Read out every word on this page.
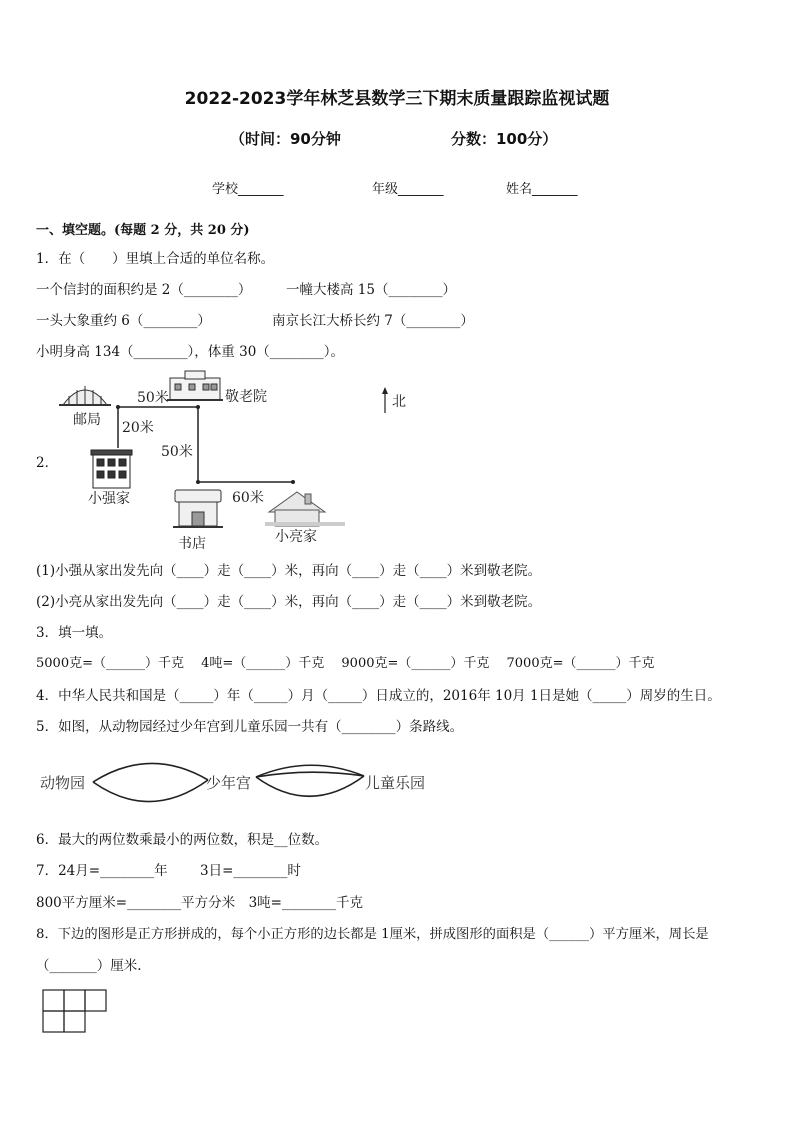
2022-2023学年林芝县数学三下期末质量跟踪监视试题
（时间：90分钟	分数：100分）
学校_______	年级_______	姓名_______
一、填空题。(每题 2 分，共 20 分)
1．在（　　）里填上合适的单位名称。
一个信封的面积约是 2（________）	一幢大楼高 15（________）
一头大象重约 6（________）	南京长江大桥长约 7（________）
小明身高 134（________），体重 30（________）。
2．
邮局
敬老院
小强家
书店	小亮家
50米
20米
50米
60米
北
(1)小强从家出发先向（____）走（____）米，再向（____）走（____）米到敬老院。
(2)小亮从家出发先向（____）走（____）米，再向（____）走（____）米到敬老院。
3．填一填。
5000克=（______）千克　 4吨=（______）千克　 9000克=（______）千克　 7000克=（______）千克
4．中华人民共和国是（_____）年（_____）月（_____）日成立的，2016年 10月 1日是她（_____）周岁的生日。
5．如图，从动物园经过少年宫到儿童乐园一共有（________）条路线。
动物园	少年宫	儿童乐园
6．最大的两位数乘最小的两位数，积是__位数。
7．24月=________年 3日=________时
800平方厘米=________平方分米　3吨=________千克
8．下边的图形是正方形拼成的，每个小正方形的边长都是 1厘米，拼成图形的面积是（______）平方厘米，周长是
（_______）厘米.
